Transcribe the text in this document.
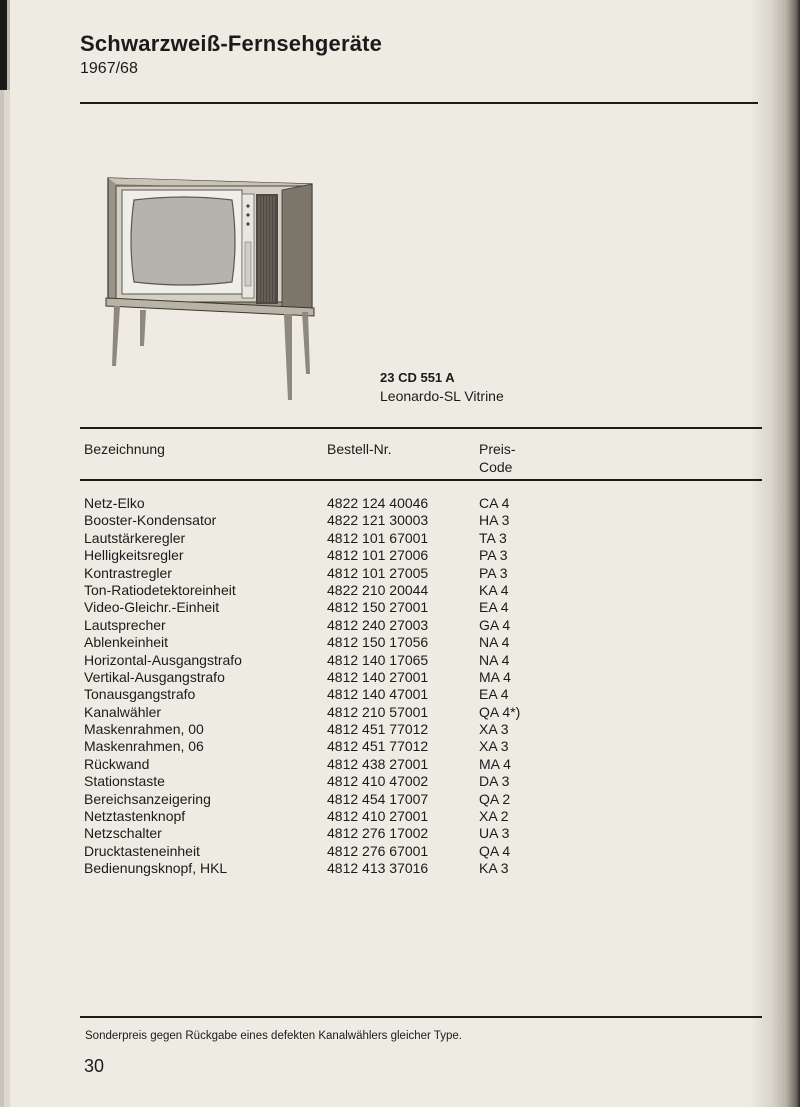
Schwarzweiß-Fernsehgeräte
1967/68
23 CD 551 A
Leonardo-SL Vitrine
Bezeichnung	Bestell-Nr.	Preis-
Code
Netz-Elko	4822 124 40046	CA 4
Booster-Kondensator	4822 121 30003	HA 3
Lautstärkeregler	4812 101 67001	TA 3
Helligkeitsregler	4812 101 27006	PA 3
Kontrastregler	4812 101 27005	PA 3
Ton-Ratiodetektoreinheit	4822 210 20044	KA 4
Video-Gleichr.-Einheit	4812 150 27001	EA 4
Lautsprecher	4812 240 27003	GA 4
Ablenkeinheit	4812 150 17056	NA 4
Horizontal-Ausgangstrafo	4812 140 17065	NA 4
Vertikal-Ausgangstrafo	4812 140 27001	MA 4
Tonausgangstrafo	4812 140 47001	EA 4
Kanalwähler	4812 210 57001	QA 4*)
Maskenrahmen, 00	4812 451 77012	XA 3
Maskenrahmen, 06	4812 451 77012	XA 3
Rückwand	4812 438 27001	MA 4
Stationstaste	4812 410 47002	DA 3
Bereichsanzeigering	4812 454 17007	QA 2
Netztastenknopf	4812 410 27001	XA 2
Netzschalter	4812 276 17002	UA 3
Drucktasteneinheit	4812 276 67001	QA 4
Bedienungsknopf, HKL	4812 413 37016	KA 3
Sonderpreis gegen Rückgabe eines defekten Kanalwählers gleicher Type.
30
